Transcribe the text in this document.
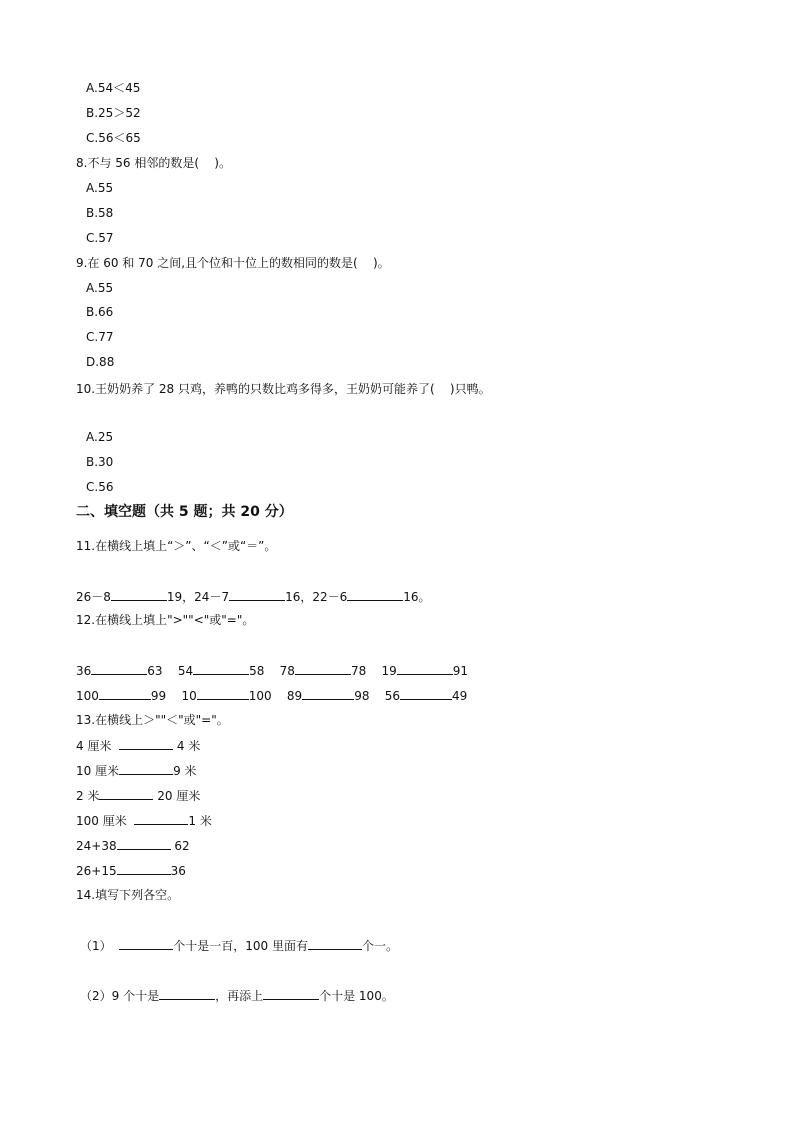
A.54＜45
B.25＞52
C.56＜65
8.不与 56 相邻的数是(    )。
A.55
B.58
C.57
9.在 60 和 70 之间,且个位和十位上的数相同的数是(    )。
A.55
B.66
C.77
D.88
10.王奶奶养了 28 只鸡，养鸭的只数比鸡多得多，王奶奶可能养了(    )只鸭。
A.25
B.30
C.56
二、填空题（共 5 题；共 20 分）
11.在横线上填上“＞”、“＜”或“＝”。
26－8	19，24－7	16，22－6	16。
12.在横线上填上">""<"或"="。
36	63 54	58 78	78 19	91
100	99 10	100 89	98 56	49
13.在横线上＞""＜"或"="。
4 厘米	4 米
10 厘米	9 米
2 米	20 厘米
100 厘米	1 米
24+38	62
26+15	36
14.填写下列各空。
（1）	个十是一百，100 里面有	个一。
（2）9 个十是	，再添上	个十是 100。
